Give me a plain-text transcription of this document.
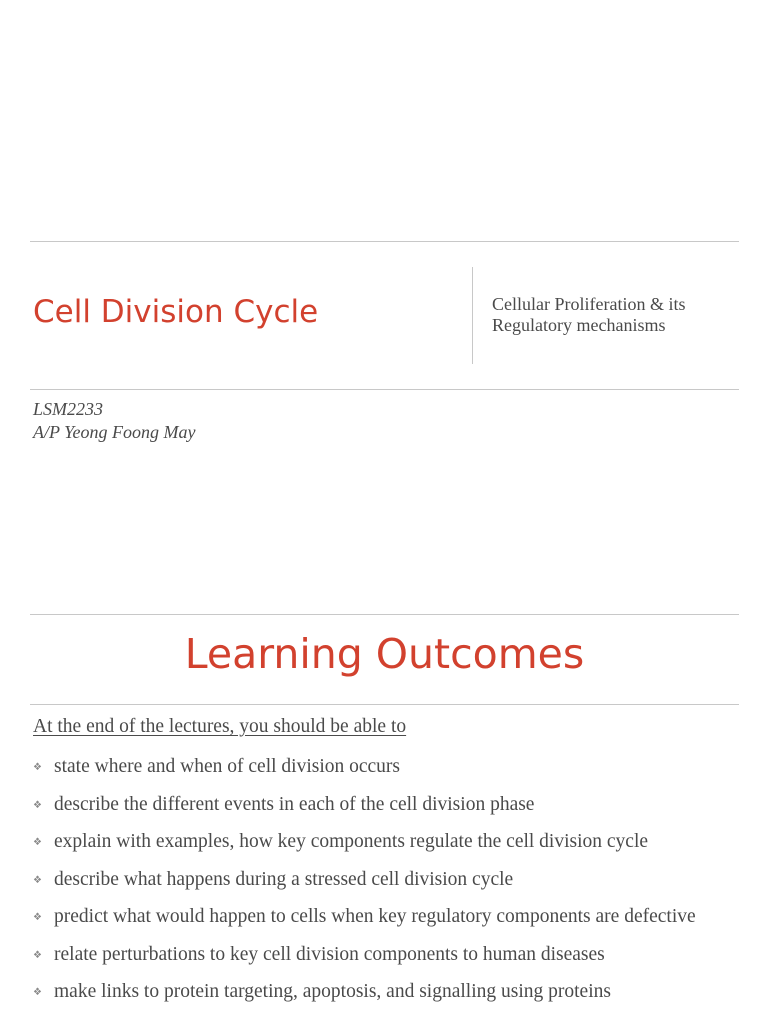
Cell Division Cycle	Cellular Proliferation & its Regulatory mechanisms
LSM2233
A/P Yeong Foong May
Learning Outcomes
At the end of the lectures, you should be able to
❖ state where and when of cell division occurs
❖ describe the different events in each of the cell division phase
❖ explain with examples, how key components regulate the cell division cycle
❖ describe what happens during a stressed cell division cycle
❖ predict what would happen to cells when key regulatory components are defective
❖ relate perturbations to key cell division components to human diseases
❖ make links to protein targeting, apoptosis, and signalling using proteins
